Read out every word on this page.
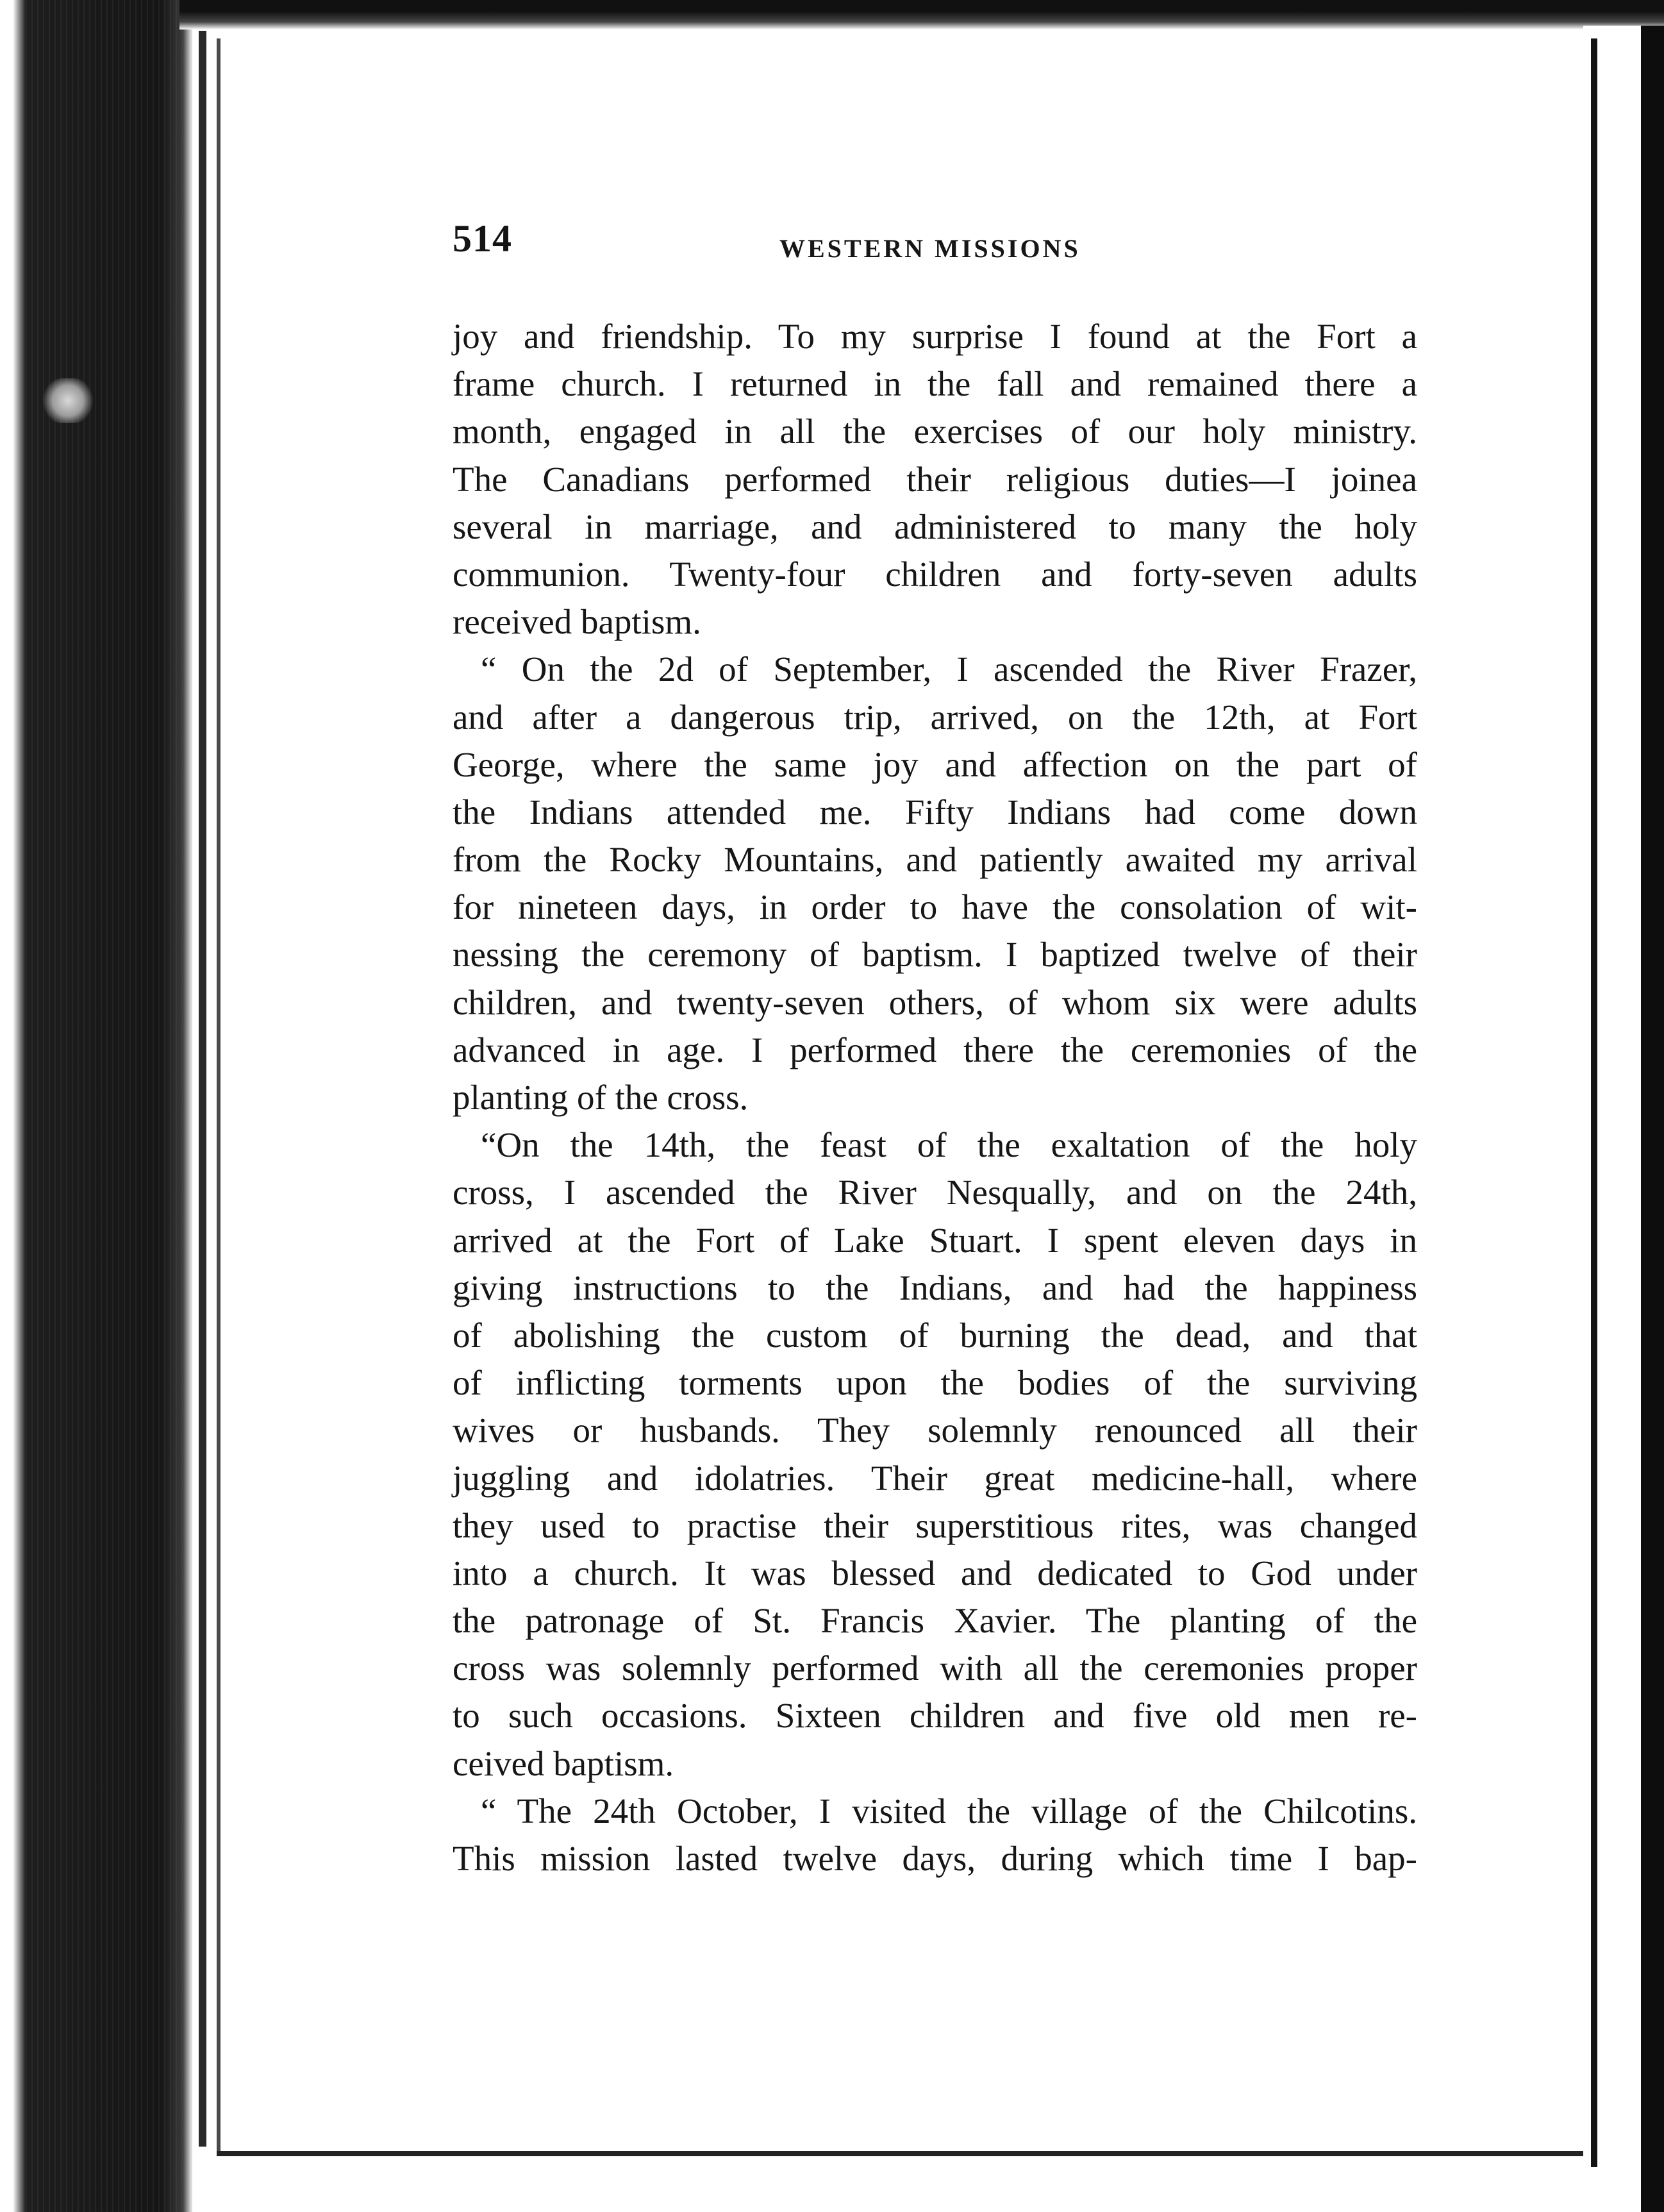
514	WESTERN MISSIONS
joy and friendship. To my surprise I found at the Fort a
frame church. I returned in the fall and remained there a
month, engaged in all the exercises of our holy ministry.
The Canadians performed their religious duties—I joinea
several in marriage, and administered to many the holy
communion. Twenty-four children and forty-seven adults
received baptism.
“ On the 2d of September, I ascended the River Frazer,
and after a dangerous trip, arrived, on the 12th, at Fort
George, where the same joy and affection on the part of
the Indians attended me. Fifty Indians had come down
from the Rocky Mountains, and patiently awaited my arrival
for nineteen days, in order to have the consolation of wit-
nessing the ceremony of baptism. I baptized twelve of their
children, and twenty-seven others, of whom six were adults
advanced in age. I performed there the ceremonies of the
planting of the cross.
“On the 14th, the feast of the exaltation of the holy
cross, I ascended the River Nesqually, and on the 24th,
arrived at the Fort of Lake Stuart. I spent eleven days in
giving instructions to the Indians, and had the happiness
of abolishing the custom of burning the dead, and that
of inflicting torments upon the bodies of the surviving
wives or husbands. They solemnly renounced all their
juggling and idolatries. Their great medicine-hall, where
they used to practise their superstitious rites, was changed
into a church. It was blessed and dedicated to God under
the patronage of St. Francis Xavier. The planting of the
cross was solemnly performed with all the ceremonies proper
to such occasions. Sixteen children and five old men re-
ceived baptism.
“ The 24th October, I visited the village of the Chilcotins.
This mission lasted twelve days, during which time I bap-
